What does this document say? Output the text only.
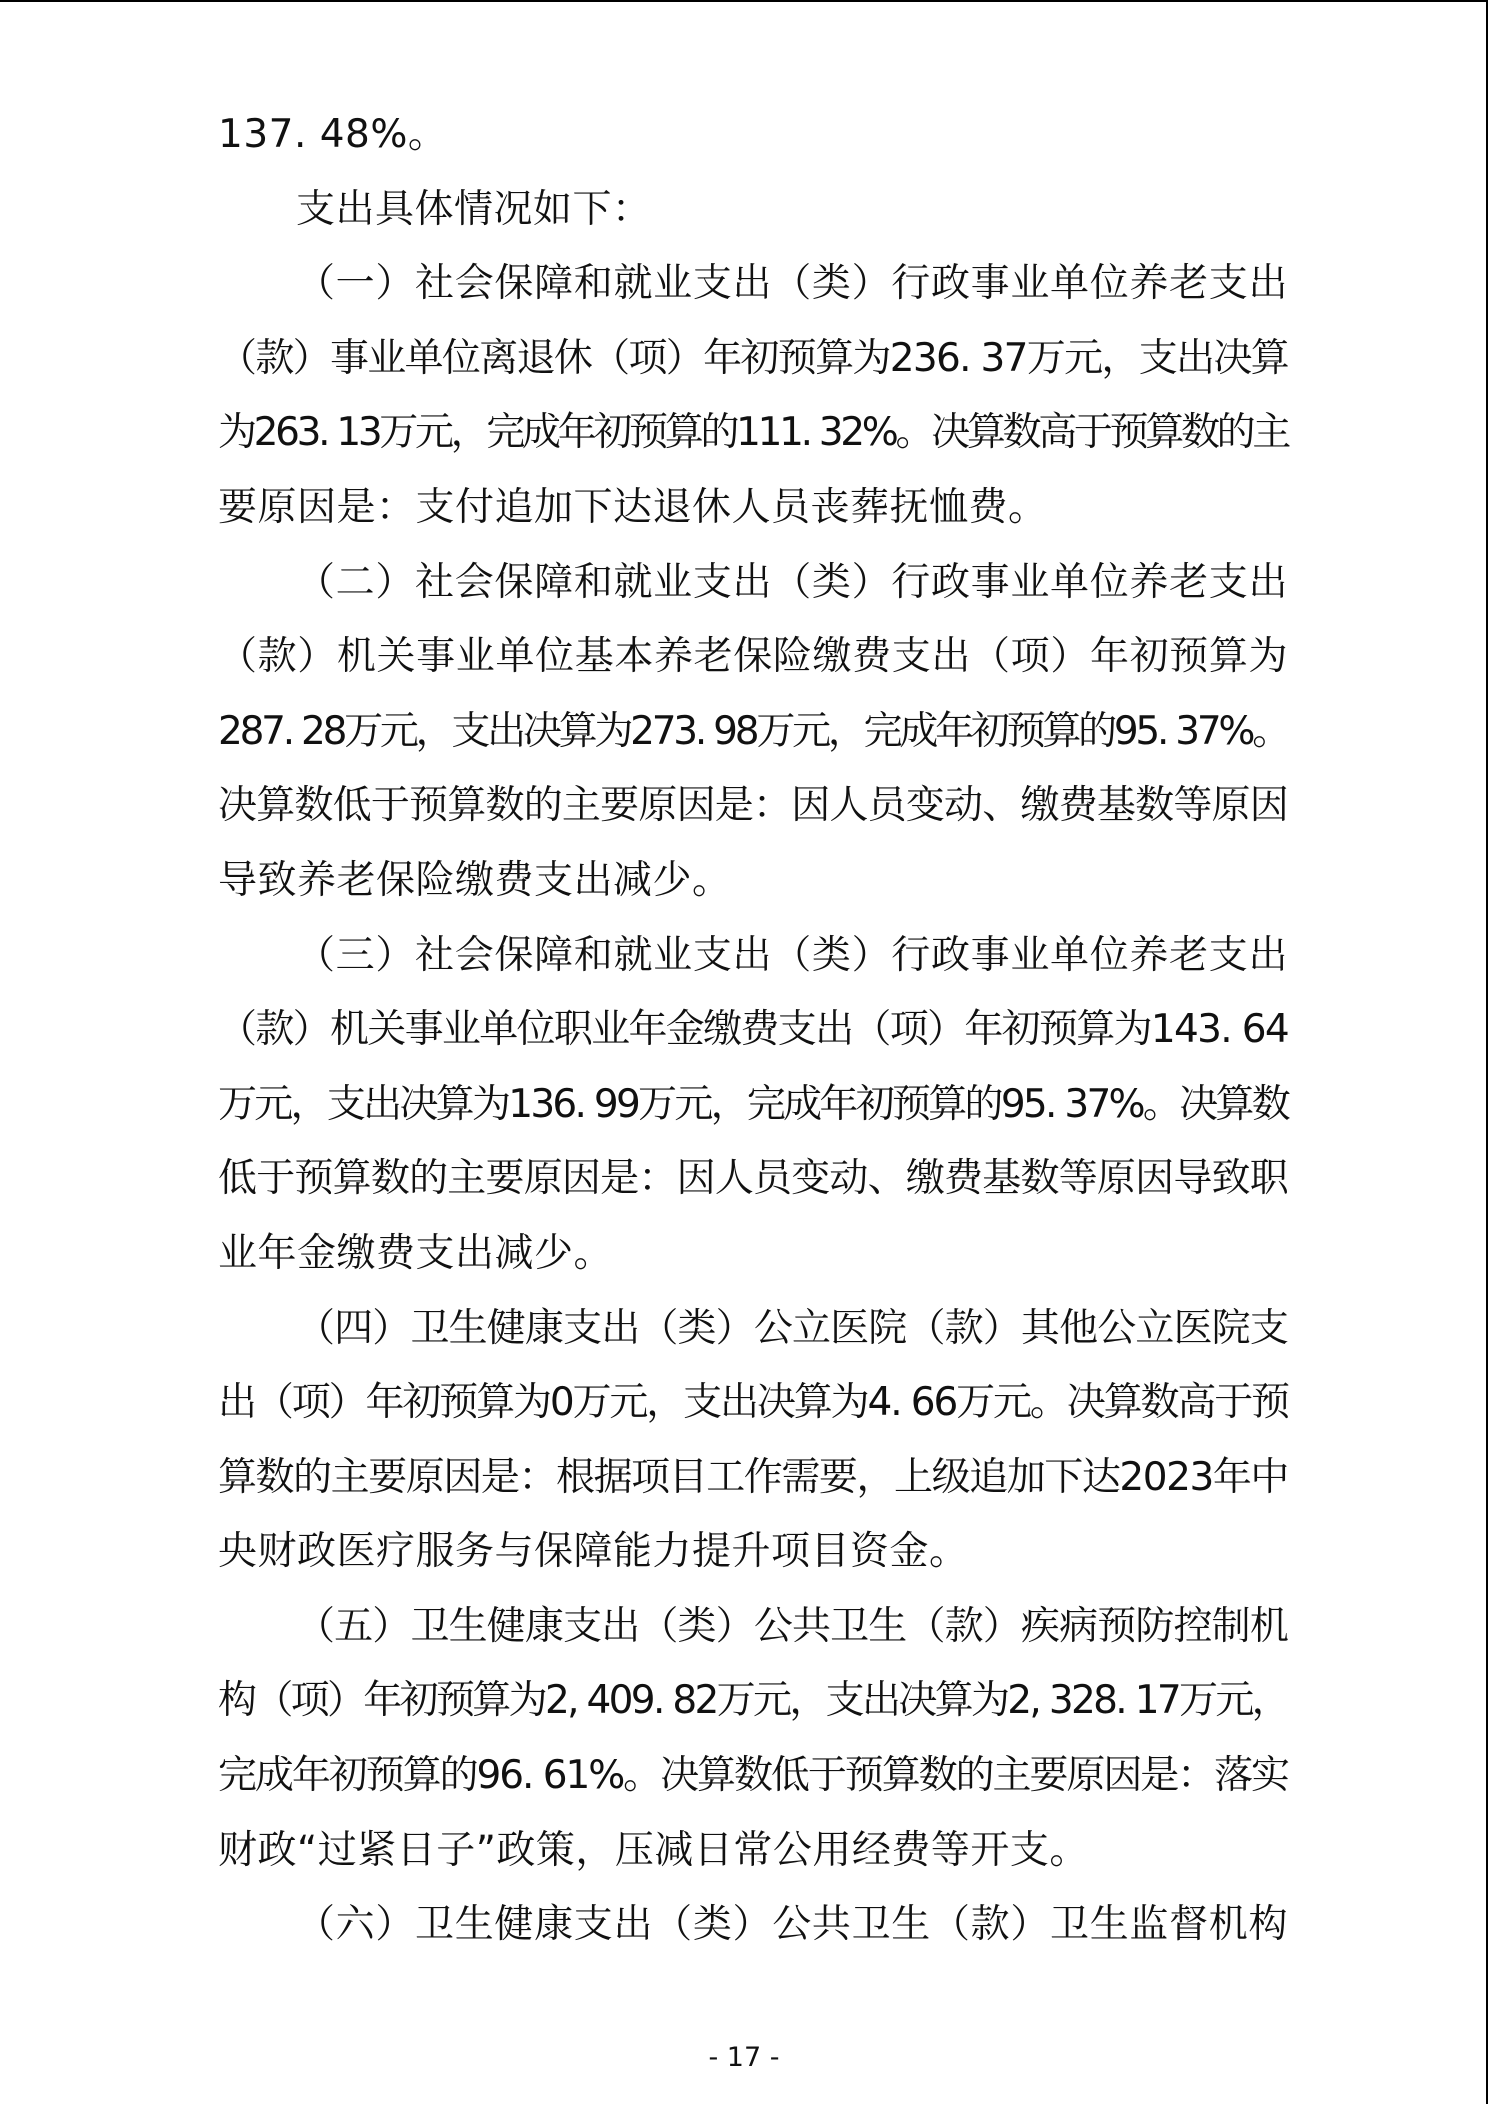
137. 48%。
支出具体情况如下：
（一）社会保障和就业支出（类）行政事业单位养老支出
（款）事业单位离退休（项）年初预算为236. 37万元，支出决算
为263. 13万元，完成年初预算的111. 32%。决算数高于预算数的主
要原因是：支付追加下达退休人员丧葬抚恤费。
（二）社会保障和就业支出（类）行政事业单位养老支出
（款）机关事业单位基本养老保险缴费支出（项）年初预算为
287. 28万元，支出决算为273. 98万元，完成年初预算的95. 37%。
决算数低于预算数的主要原因是：因人员变动、缴费基数等原因
导致养老保险缴费支出减少。
（三）社会保障和就业支出（类）行政事业单位养老支出
（款）机关事业单位职业年金缴费支出（项）年初预算为143. 64
万元，支出决算为136. 99万元，完成年初预算的95. 37%。决算数
低于预算数的主要原因是：因人员变动、缴费基数等原因导致职
业年金缴费支出减少。
（四）卫生健康支出（类）公立医院（款）其他公立医院支
出（项）年初预算为0万元，支出决算为4. 66万元。决算数高于预
算数的主要原因是：根据项目工作需要，上级追加下达2023年中
央财政医疗服务与保障能力提升项目资金。
（五）卫生健康支出（类）公共卫生（款）疾病预防控制机
构（项）年初预算为2, 409. 82万元，支出决算为2, 328. 17万元，
完成年初预算的96. 61%。决算数低于预算数的主要原因是：落实
财政“过紧日子”政策，压减日常公用经费等开支。
（六）卫生健康支出（类）公共卫生（款）卫生监督机构
- 17 -
